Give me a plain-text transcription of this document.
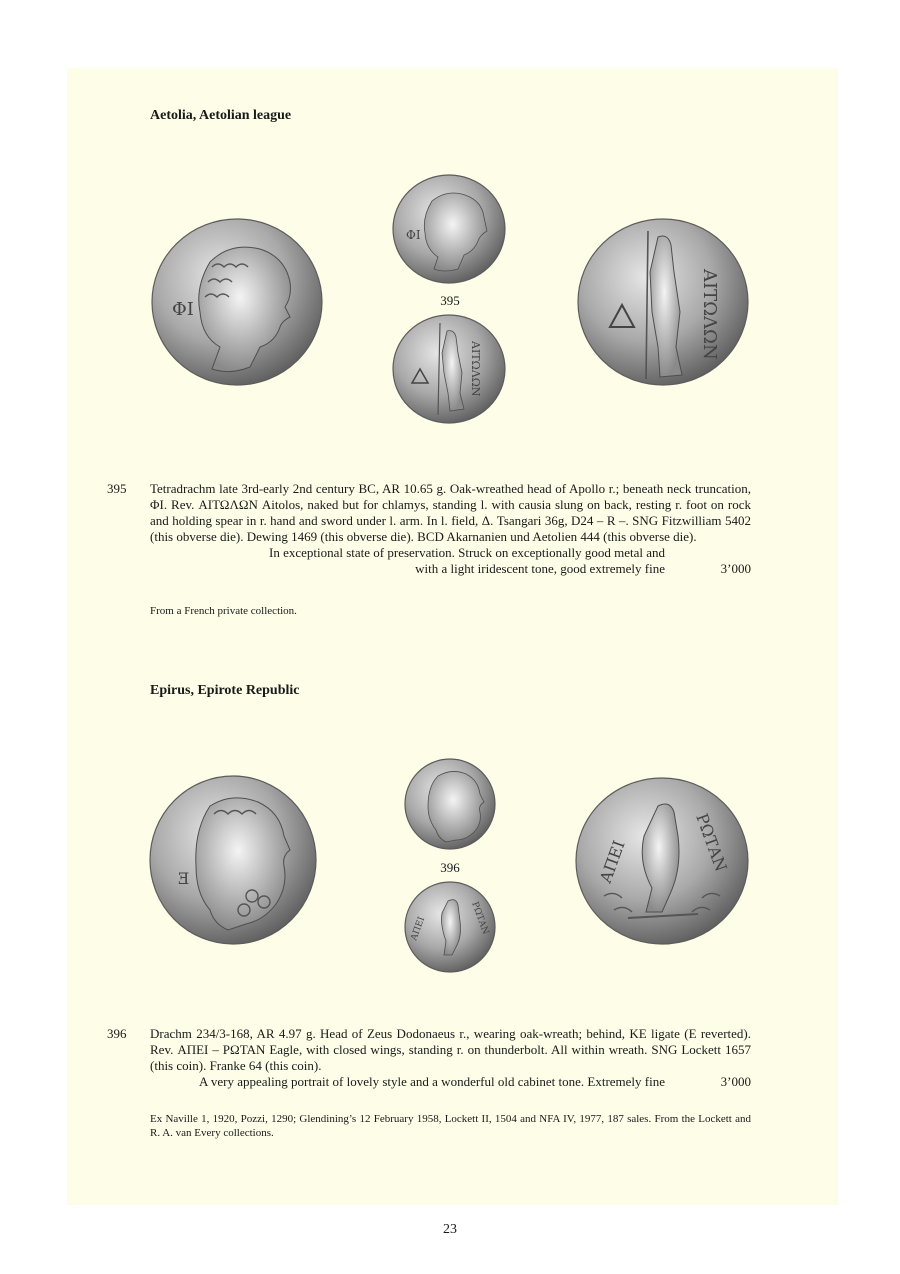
Aetolia, Aetolian league
ΦΙ
ΦΙ
395
ΑΙΤΩΛΩΝ
ΑΙΤΩΛΩΝ
395 Tetradrachm late 3rd-early 2nd century BC, AR 10.65 g. Oak-wreathed head of Apollo r.; beneath neck truncation, ΦΙ. Rev. ΑΙΤΩΛΩΝ Aitolos, naked but for chlamys, standing l. with causia slung on back, resting r. foot on rock and holding spear in r. hand and sword under l. arm. In l. field, Δ. Tsangari 36g, D24 – R –. SNG Fitzwilliam 5402 (this obverse die). Dewing 1469 (this obverse die). BCD Akarnanien und Aetolien 444 (this obverse die).

In exceptional state of preservation. Struck on exceptionally good metal and
with a light iridescent tone, good extremely fine	3’000

From a French private collection.

Epirus, Epirote Republic
Ǝ
396
ΑΠΕΙ	ΡΩΤΑΝ
ΑΠΕΙ	ΡΩΤΑΝ
396 Drachm 234/3-168, AR 4.97 g. Head of Zeus Dodonaeus r., wearing oak-wreath; behind, KE ligate (E reverted). Rev. ΑΠΕΙ – ΡΩΤΑΝ Eagle, with closed wings, standing r. on thunderbolt. All within wreath. SNG Lockett 1657 (this coin). Franke 64 (this coin).

A very appealing portrait of lovely style and a wonderful old cabinet tone. Extremely fine	3’000

Ex Naville 1, 1920, Pozzi, 1290; Glendining’s 12 February 1958, Lockett II, 1504 and NFA IV, 1977, 187 sales. From the Lockett and R. A. van Every collections.

23
